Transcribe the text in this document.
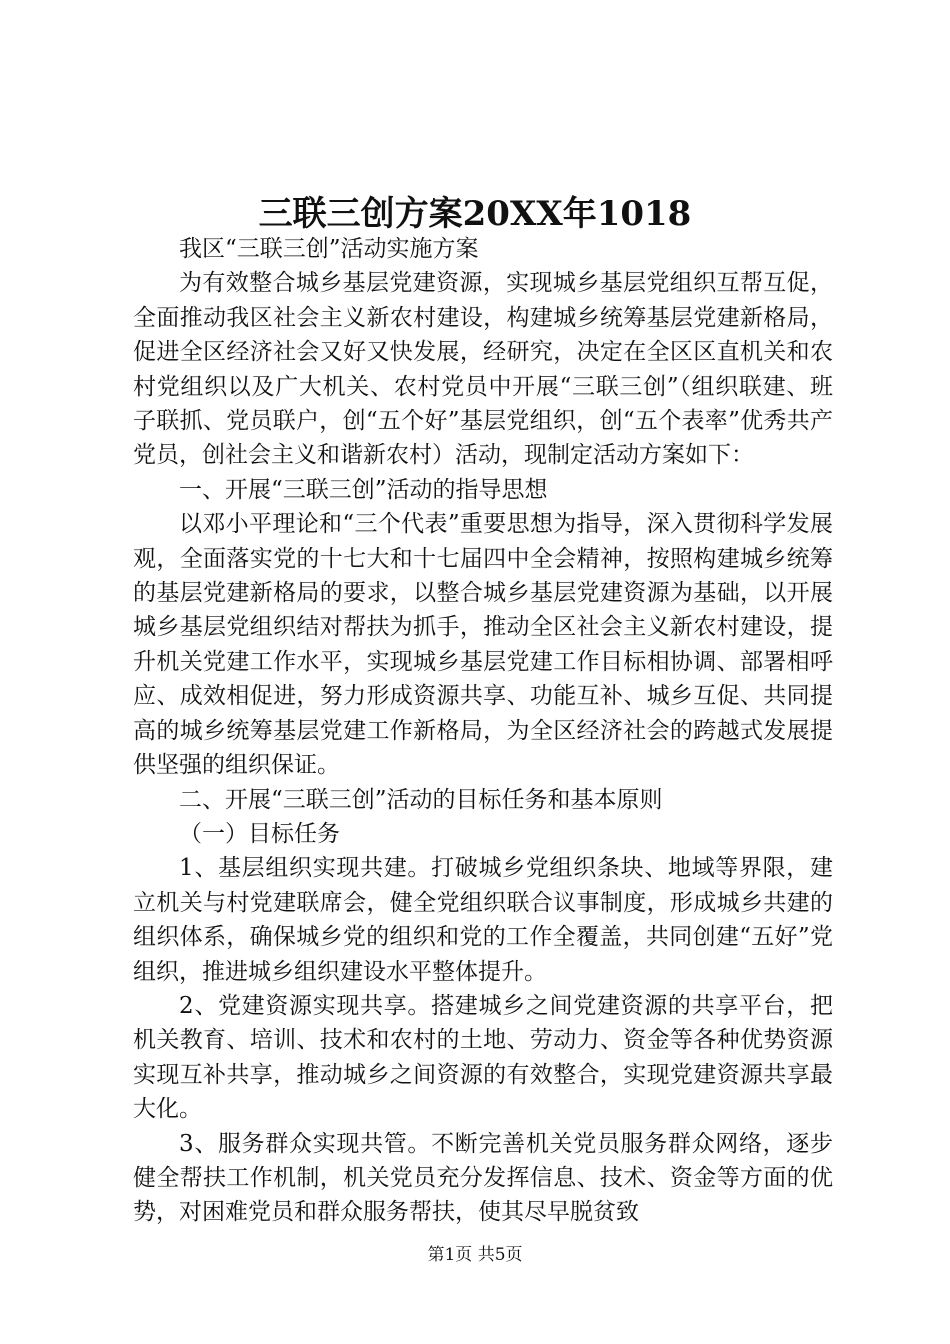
三联三创方案20XX年1018

我区“三联三创”活动实施方案

为有效整合城乡基层党建资源，实现城乡基层党组织互帮互促，全面推动我区社会主义新农村建设，构建城乡统筹基层党建新格局，促进全区经济社会又好又快发展，经研究，决定在全区区直机关和农村党组织以及广大机关、农村党员中开展“三联三创”（组织联建、班子联抓、党员联户，创“五个好”基层党组织，创“五个表率”优秀共产党员，创社会主义和谐新农村）活动，现制定活动方案如下：

一、开展“三联三创”活动的指导思想

以邓小平理论和“三个代表”重要思想为指导，深入贯彻科学发展观，全面落实党的十七大和十七届四中全会精神，按照构建城乡统筹的基层党建新格局的要求，以整合城乡基层党建资源为基础，以开展城乡基层党组织结对帮扶为抓手，推动全区社会主义新农村建设，提升机关党建工作水平，实现城乡基层党建工作目标相协调、部署相呼应、成效相促进，努力形成资源共享、功能互补、城乡互促、共同提高的城乡统筹基层党建工作新格局，为全区经济社会的跨越式发展提供坚强的组织保证。

二、开展“三联三创”活动的目标任务和基本原则

（一）目标任务

1、基层组织实现共建。打破城乡党组织条块、地域等界限，建立机关与村党建联席会，健全党组织联合议事制度，形成城乡共建的组织体系，确保城乡党的组织和党的工作全覆盖，共同创建“五好”党组织，推进城乡组织建设水平整体提升。

2、党建资源实现共享。搭建城乡之间党建资源的共享平台，把机关教育、培训、技术和农村的土地、劳动力、资金等各种优势资源实现互补共享，推动城乡之间资源的有效整合，实现党建资源共享最大化。

3、服务群众实现共管。不断完善机关党员服务群众网络，逐步健全帮扶工作机制，机关党员充分发挥信息、技术、资金等方面的优势，对困难党员和群众服务帮扶，使其尽早脱贫致

第1页 共5页
